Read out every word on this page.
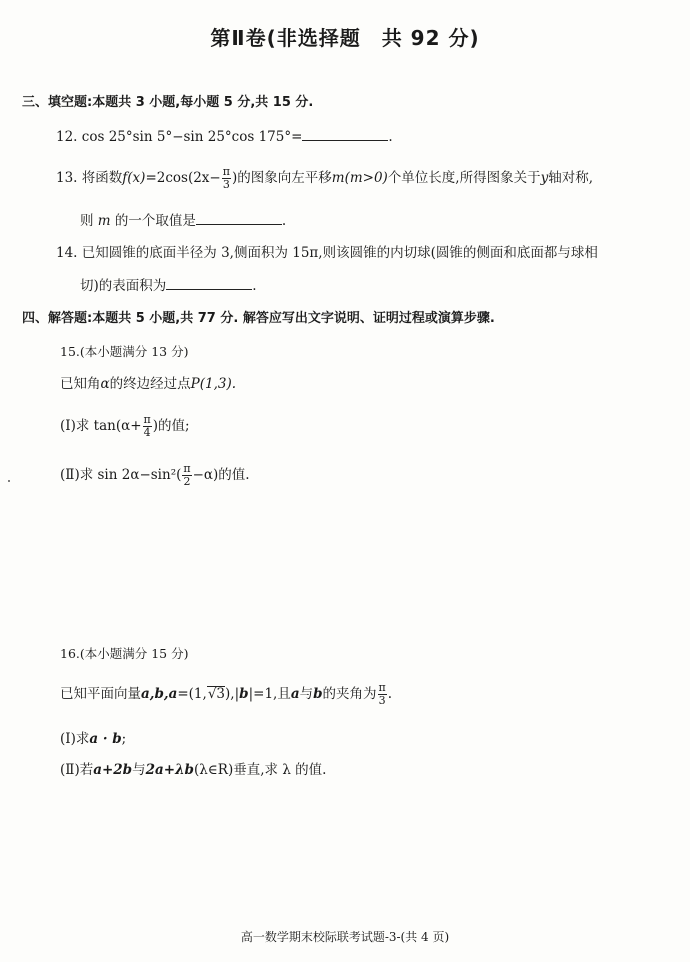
第Ⅱ卷(非选择题　共 92 分)
三、填空题:本题共 3 小题,每小题 5 分,共 15 分.
12. cos 25°sin 5°−sin 25°cos 175°=	.
13. 将函数$f(x)=2\cos(2x- \frac{\pi}{3}$ )的图象向左平移m(m>0)个单位长度,所得图象关于y轴对称,
则 m 的一个取值是	.
14. 已知圆锥的底面半径为 3,侧面积为 15π,则该圆锥的内切球(圆锥的侧面和底面都与球相
切)的表面积为	.
四、解答题:本题共 5 小题,共 77 分. 解答应写出文字说明、证明过程或演算步骤.
15.(本小题满分 13 分)
已知角α的终边经过点P(1,3).
(Ⅰ)求 $\tan(\alpha+ \frac{\pi}{4}$ )的值;
(Ⅱ)求 $\sin 2\alpha-\sin^2( \frac{\pi}{2} -\alpha)$的值.
16.(本小题满分 15 分)
已知平面向量a,b,a=(1,√3),|b|=1,且a与b的夹角为 $\frac{\pi}{3}$ .
(Ⅰ)求a · b;
(Ⅱ)若a+2b与2a+λb(λ∈R)垂直,求 λ 的值.
高一数学期末校际联考试题-3-(共 4 页)
